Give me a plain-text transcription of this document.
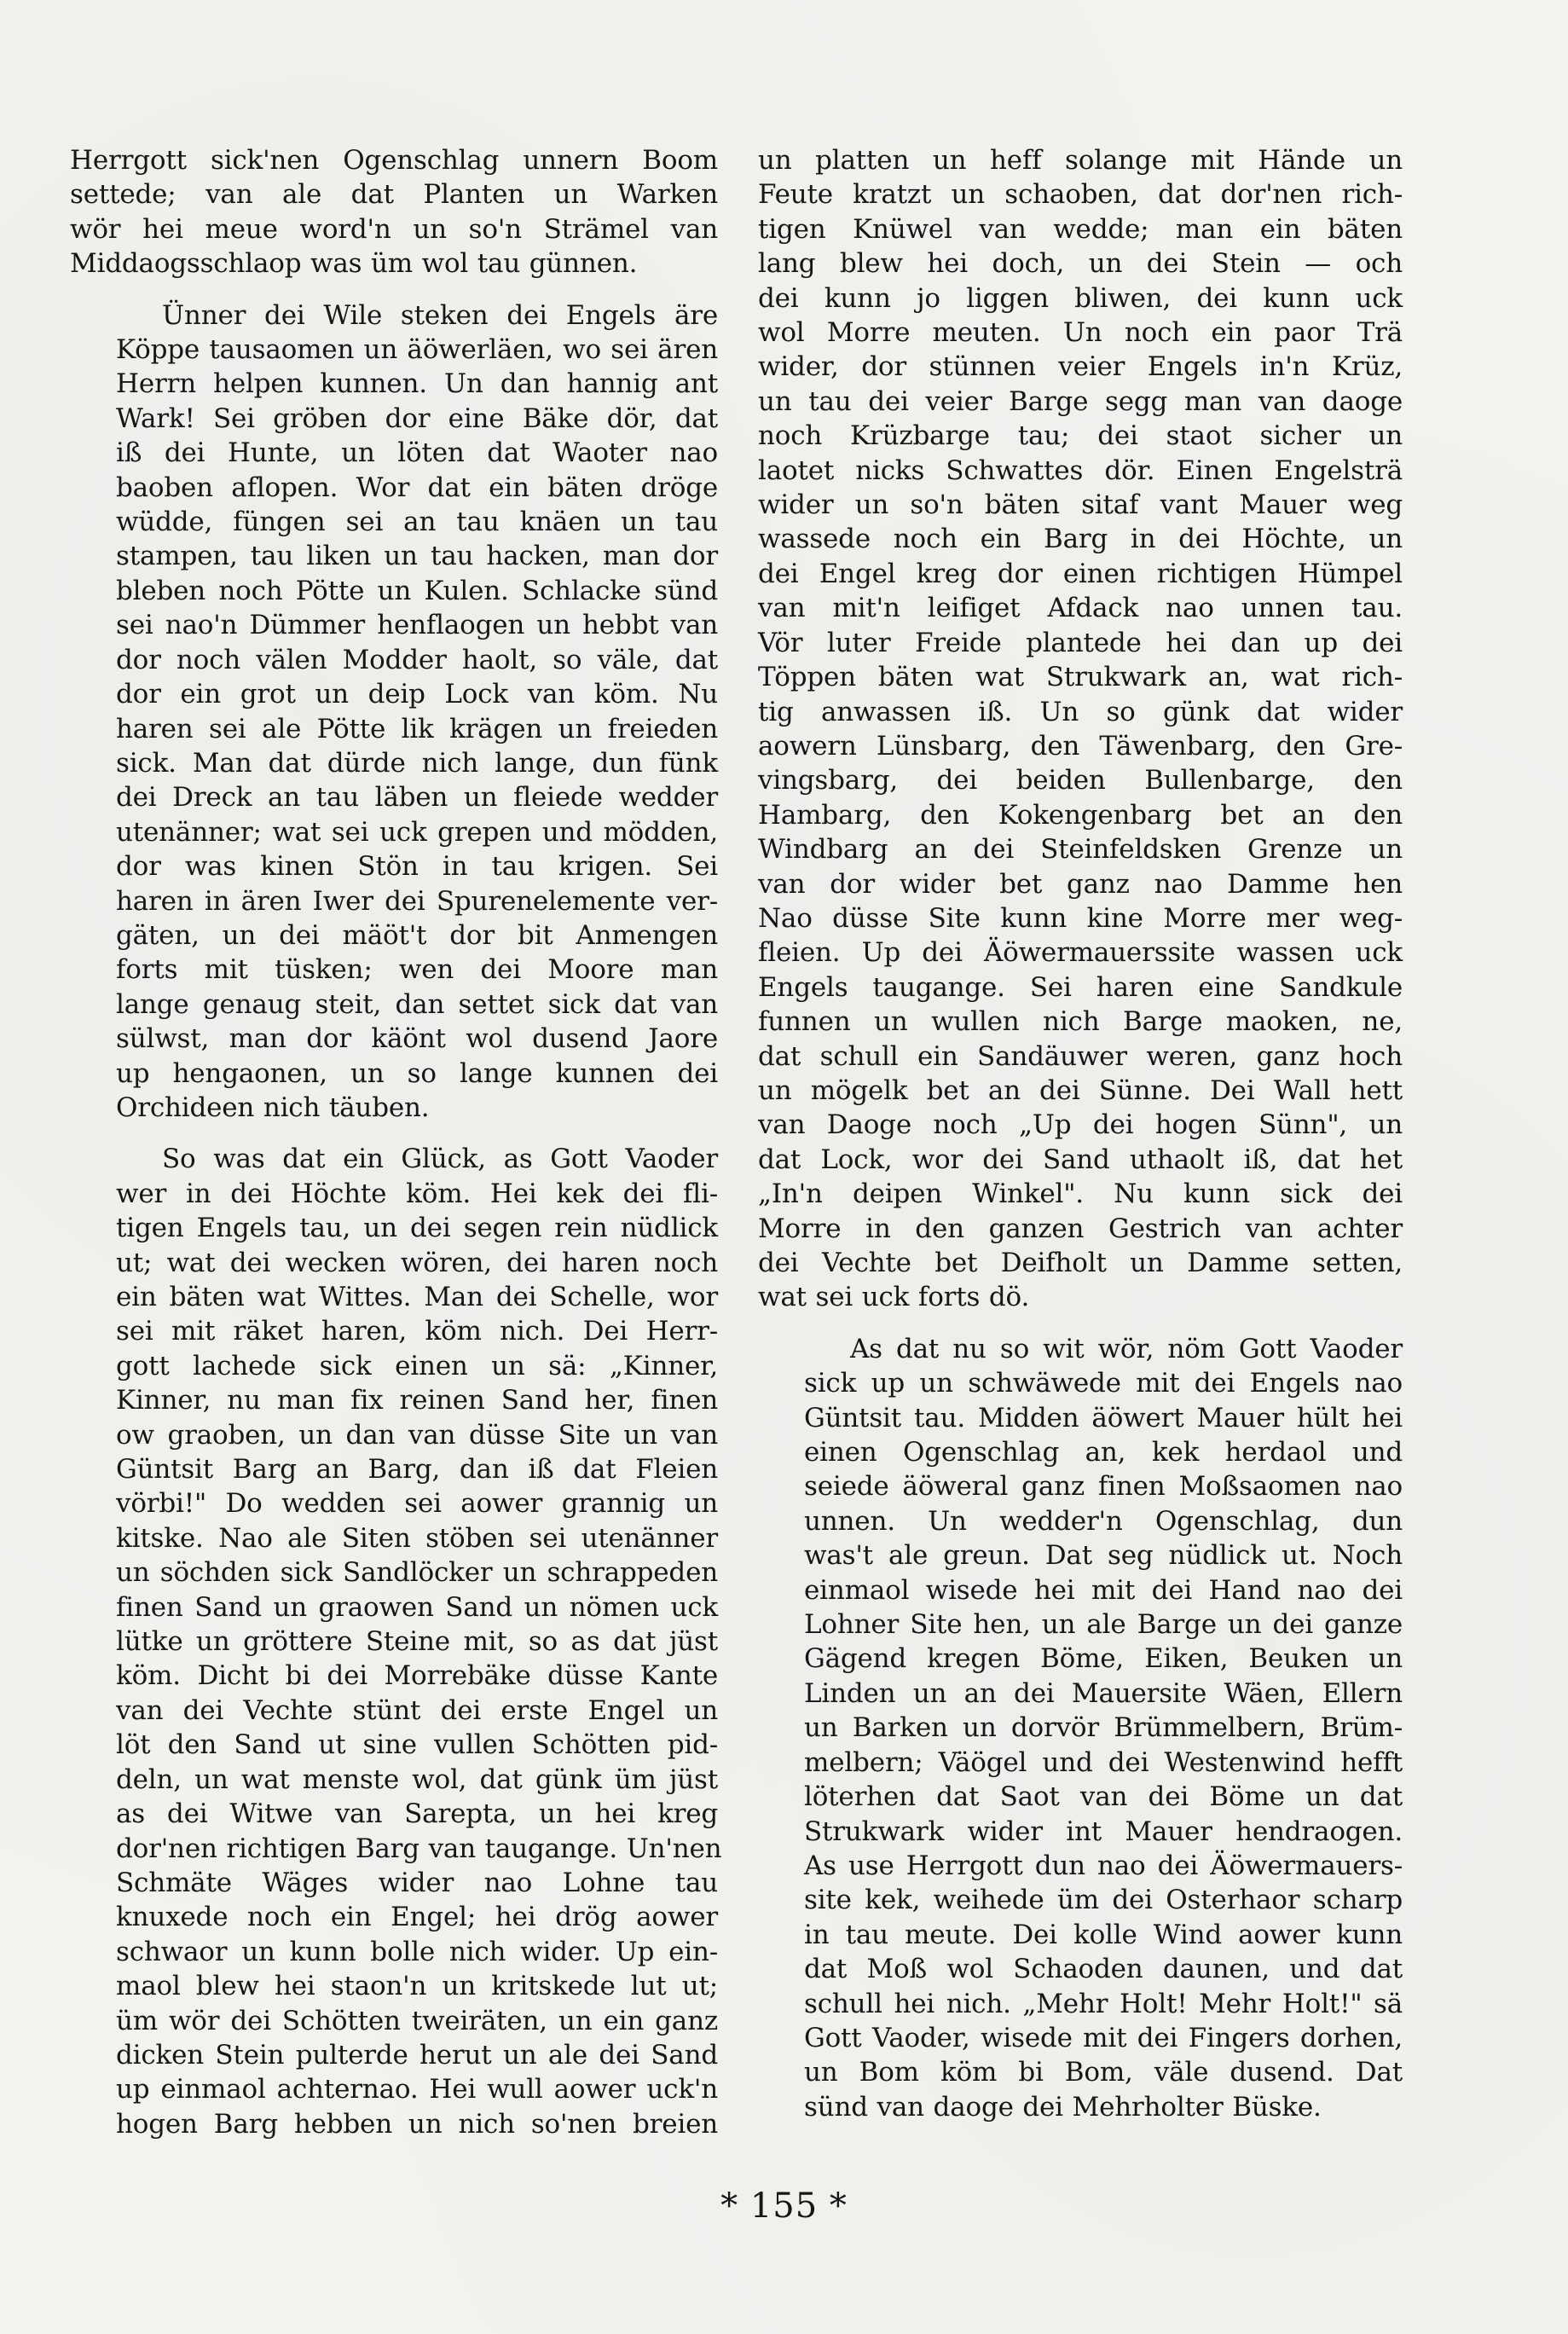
Herrgott sick'nen Ogenschlag unnern Boom
settede; van ale dat Planten un Warken
wör hei meue word'n un so'n Strämel van
Middaogsschlaop was üm wol tau günnen.

Ünner dei Wile steken dei Engels äre
Köppe tausaomen un äöwerläen, wo sei ären
Herrn helpen kunnen. Un dan hannig ant
Wark! Sei gröben dor eine Bäke dör, dat
iß dei Hunte, un löten dat Waoter nao
baoben aflopen. Wor dat ein bäten dröge
wüdde, füngen sei an tau knäen un tau
stampen, tau liken un tau hacken, man dor
bleben noch Pötte un Kulen. Schlacke sünd
sei nao'n Dümmer henflaogen un hebbt van
dor noch välen Modder haolt, so väle, dat
dor ein grot un deip Lock van köm. Nu
haren sei ale Pötte lik krägen un freieden
sick. Man dat dürde nich lange, dun fünk
dei Dreck an tau läben un fleiede wedder
utenänner; wat sei uck grepen und mödden,
dor was kinen Stön in tau krigen. Sei
haren in ären Iwer dei Spurenelemente ver-
gäten, un dei mäöt't dor bit Anmengen
forts mit tüsken; wen dei Moore man
lange genaug steit, dan settet sick dat van
sülwst, man dor käönt wol dusend Jaore
up hengaonen, un so lange kunnen dei
Orchideen nich täuben.

So was dat ein Glück, as Gott Vaoder
wer in dei Höchte köm. Hei kek dei fli-
tigen Engels tau, un dei segen rein nüdlick
ut; wat dei wecken wören, dei haren noch
ein bäten wat Wittes. Man dei Schelle, wor
sei mit räket haren, köm nich. Dei Herr-
gott lachede sick einen un sä: „Kinner,
Kinner, nu man fix reinen Sand her, finen
ow graoben, un dan van düsse Site un van
Güntsit Barg an Barg, dan iß dat Fleien
vörbi!" Do wedden sei aower grannig un
kitske. Nao ale Siten stöben sei utenänner
un söchden sick Sandlöcker un schrappeden
finen Sand un graowen Sand un nömen uck
lütke un gröttere Steine mit, so as dat jüst
köm. Dicht bi dei Morrebäke düsse Kante
van dei Vechte stünt dei erste Engel un
löt den Sand ut sine vullen Schötten pid-
deln, un wat menste wol, dat günk üm jüst
as dei Witwe van Sarepta, un hei kreg
dor'nen richtigen Barg van taugange. Un'nen
Schmäte Wäges wider nao Lohne tau
knuxede noch ein Engel; hei drög aower
schwaor un kunn bolle nich wider. Up ein-
maol blew hei staon'n un kritskede lut ut;
üm wör dei Schötten tweiräten, un ein ganz
dicken Stein pulterde herut un ale dei Sand
up einmaol achternao. Hei wull aower uck'n
hogen Barg hebben un nich so'nen breien

un platten un heff solange mit Hände un
Feute kratzt un schaoben, dat dor'nen rich-
tigen Knüwel van wedde; man ein bäten
lang blew hei doch, un dei Stein — och
dei kunn jo liggen bliwen, dei kunn uck
wol Morre meuten. Un noch ein paor Trä
wider, dor stünnen veier Engels in'n Krüz,
un tau dei veier Barge segg man van daoge
noch Krüzbarge tau; dei staot sicher un
laotet nicks Schwattes dör. Einen Engelsträ
wider un so'n bäten sitaf vant Mauer weg
wassede noch ein Barg in dei Höchte, un
dei Engel kreg dor einen richtigen Hümpel
van mit'n leifiget Afdack nao unnen tau.
Vör luter Freide plantede hei dan up dei
Töppen bäten wat Strukwark an, wat rich-
tig anwassen iß. Un so günk dat wider
aowern Lünsbarg, den Täwenbarg, den Gre-
vingsbarg, dei beiden Bullenbarge, den
Hambarg, den Kokengenbarg bet an den
Windbarg an dei Steinfeldsken Grenze un
van dor wider bet ganz nao Damme hen
Nao düsse Site kunn kine Morre mer weg-
fleien. Up dei Äöwermauerssite wassen uck
Engels taugange. Sei haren eine Sandkule
funnen un wullen nich Barge maoken, ne,
dat schull ein Sandäuwer weren, ganz hoch
un mögelk bet an dei Sünne. Dei Wall hett
van Daoge noch „Up dei hogen Sünn", un
dat Lock, wor dei Sand uthaolt iß, dat het
„In'n deipen Winkel". Nu kunn sick dei
Morre in den ganzen Gestrich van achter
dei Vechte bet Deifholt un Damme setten,
wat sei uck forts dö.

As dat nu so wit wör, nöm Gott Vaoder
sick up un schwäwede mit dei Engels nao
Güntsit tau. Midden äöwert Mauer hült hei
einen Ogenschlag an, kek herdaol und
seiede äöweral ganz finen Moßsaomen nao
unnen. Un wedder'n Ogenschlag, dun
was't ale greun. Dat seg nüdlick ut. Noch
einmaol wisede hei mit dei Hand nao dei
Lohner Site hen, un ale Barge un dei ganze
Gägend kregen Böme, Eiken, Beuken un
Linden un an dei Mauersite Wäen, Ellern
un Barken un dorvör Brümmelbern, Brüm-
melbern; Väögel und dei Westenwind hefft
löterhen dat Saot van dei Böme un dat
Strukwark wider int Mauer hendraogen.
As use Herrgott dun nao dei Äöwermauers-
site kek, weihede üm dei Osterhaor scharp
in tau meute. Dei kolle Wind aower kunn
dat Moß wol Schaoden daunen, und dat
schull hei nich. „Mehr Holt! Mehr Holt!" sä
Gott Vaoder, wisede mit dei Fingers dorhen,
un Bom köm bi Bom, väle dusend. Dat
sünd van daoge dei Mehrholter Büske.

* 155 *
